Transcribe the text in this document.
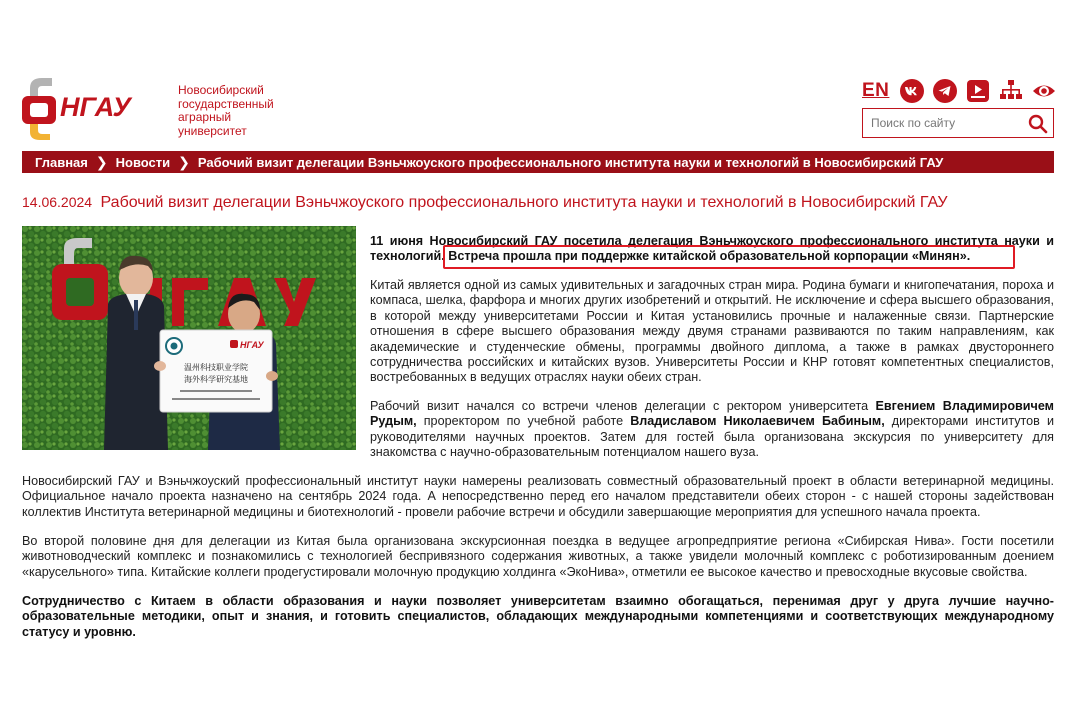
НГАУ
Новосибирский
государственный
аграрный
университет
EN
Поиск по сайту
Главная ❯ Новости ❯ Рабочий визит делегации Вэньчжоуского профессионального института науки и технологий в Новосибирский ГАУ
14.06.2024 Рабочий визит делегации Вэньчжоуского профессионального института науки и технологий в Новосибирский ГАУ
НГАУ
温州科技职业学院
海外科学研究基地

11 июня Новосибирский ГАУ посетила делегация Вэньчжоуского профессионального института науки и технологий. Встреча прошла при поддержке китайской образовательной корпорации «Минян».

Китай является одной из самых удивительных и загадочных стран мира. Родина бумаги и книгопечатания, пороха и компаса, шелка, фарфора и многих других изобретений и открытий. Не исключение и сфера высшего образования, в которой между университетами России и Китая установились прочные и налаженные связи. Партнерские отношения в сфере высшего образования между двумя странами развиваются по таким направлениям, как академические и студенческие обмены, программы двойного диплома, а также в рамках двустороннего сотрудничества российских и китайских вузов. Университеты России и КНР готовят компетентных специалистов, востребованных в ведущих отраслях науки обеих стран.

Рабочий визит начался со встречи членов делегации с ректором университета Евгением Владимировичем Рудым, проректором по учебной работе Владиславом Николаевичем Бабиным, директорами институтов и руководителями научных проектов. Затем для гостей была организована экскурсия по университету для знакомства с научно-образовательным потенциалом нашего вуза.

Новосибирский ГАУ и Вэньчжоуский профессиональный институт науки намерены реализовать совместный образовательный проект в области ветеринарной медицины. Официальное начало проекта назначено на сентябрь 2024 года. А непосредственно перед его началом представители обеих сторон - с нашей стороны задействован коллектив Института ветеринарной медицины и биотехнологий - провели рабочие встречи и обсудили завершающие мероприятия для успешного начала проекта.

Во второй половине дня для делегации из Китая была организована экскурсионная поездка в ведущее агропредприятие региона «Сибирская Нива». Гости посетили животноводческий комплекс и познакомились с технологией беспривязного содержания животных, а также увидели молочный комплекс с роботизированным доением «карусельного» типа. Китайские коллеги продегустировали молочную продукцию холдинга «ЭкоНива», отметили ее высокое качество и превосходные вкусовые свойства.

Сотрудничество с Китаем в области образования и науки позволяет университетам взаимно обогащаться, перенимая друг у друга лучшие научно-образовательные методики, опыт и знания, и готовить специалистов, обладающих международными компетенциями и соответствующих международному статусу и уровню.
